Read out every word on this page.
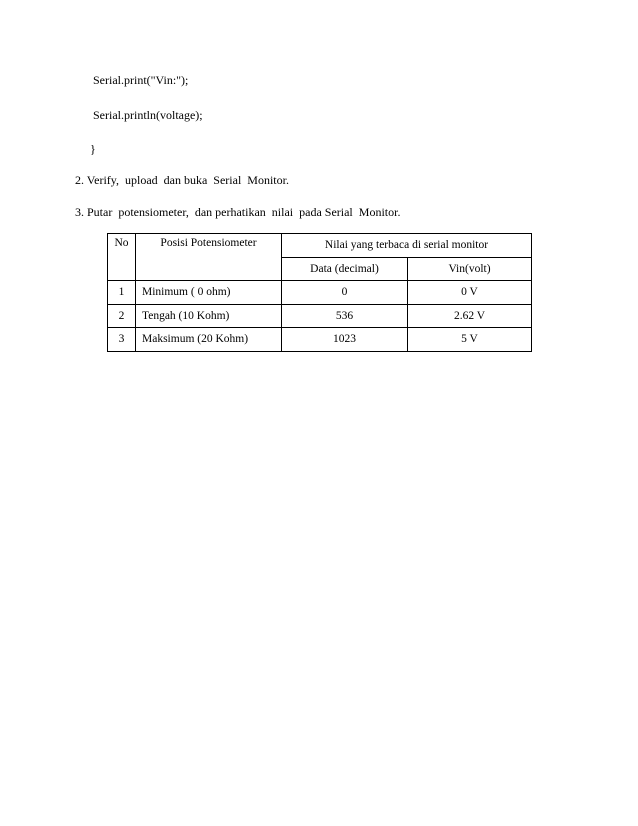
Serial.print("Vin:");
Serial.println(voltage);
}
2. Verify,  upload  dan buka  Serial  Monitor.
3. Putar  potensiometer,  dan perhatikan  nilai  pada Serial  Monitor.
No	Posisi Potensiometer	Nilai yang terbaca di serial monitor	
		Data (decimal)	Vin(volt)
1	Minimum ( 0 ohm)	0	0 V
2	Tengah (10 Kohm)	536	2.62 V
3	Maksimum (20 Kohm)	1023	5 V
